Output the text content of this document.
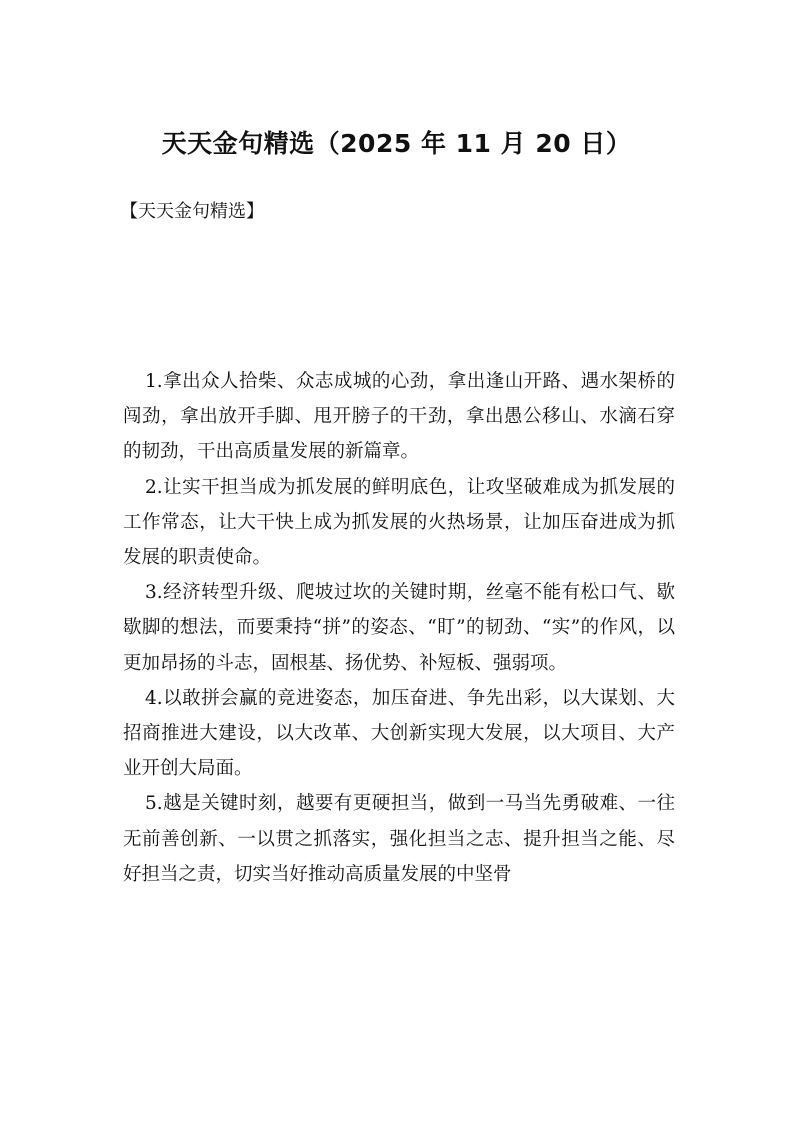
天天金句精选（2025 年 11 月 20 日）

【天天金句精选】

1.拿出众人拾柴、众志成城的心劲，拿出逢山开路、遇水架桥的闯劲，拿出放开手脚、甩开膀子的干劲，拿出愚公移山、水滴石穿的韧劲，干出高质量发展的新篇章。

2.让实干担当成为抓发展的鲜明底色，让攻坚破难成为抓发展的工作常态，让大干快上成为抓发展的火热场景，让加压奋进成为抓发展的职责使命。

3.经济转型升级、爬坡过坎的关键时期，丝毫不能有松口气、歇歇脚的想法，而要秉持“拼”的姿态、“盯”的韧劲、“实”的作风，以更加昂扬的斗志，固根基、扬优势、补短板、强弱项。

4.以敢拼会赢的竞进姿态，加压奋进、争先出彩，以大谋划、大招商推进大建设，以大改革、大创新实现大发展，以大项目、大产业开创大局面。

5.越是关键时刻，越要有更硬担当，做到一马当先勇破难、一往无前善创新、一以贯之抓落实，强化担当之志、提升担当之能、尽好担当之责，切实当好推动高质量发展的中坚骨
